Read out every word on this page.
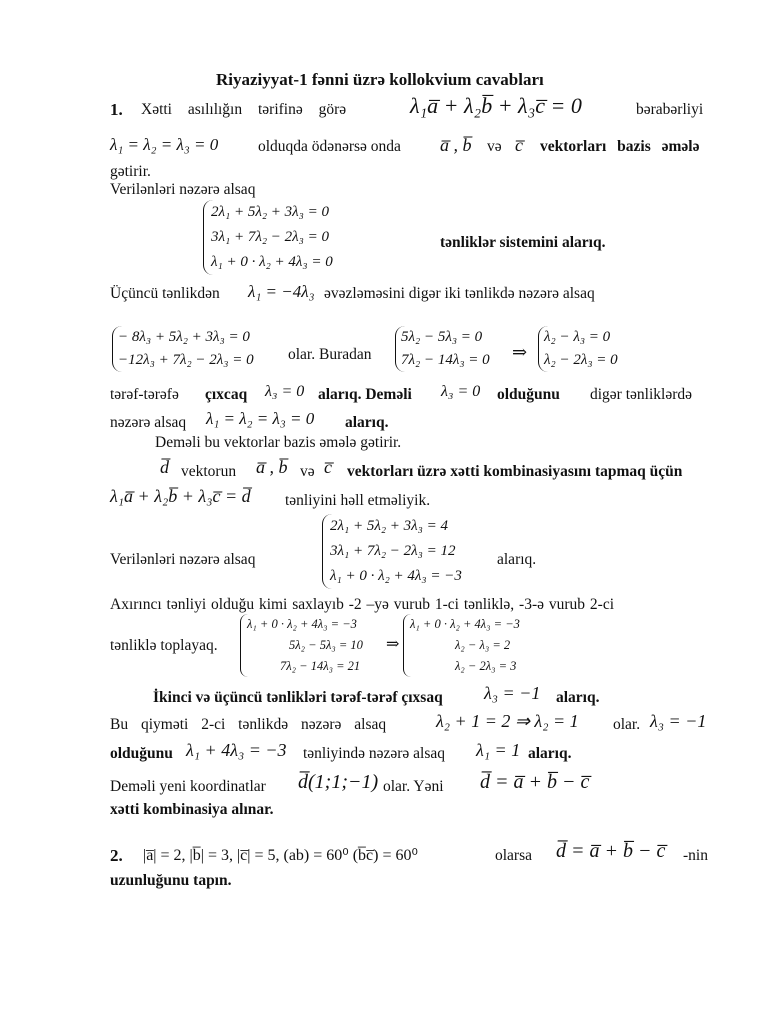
Riyaziyyat-1 fənni üzrə kollokvium cavabları
1. Xətti asılılığın tərifinə görə	λ₁a̅ + λ₂b̅ + λ₃c̅ = 0	bərabərliyi
λ₁ = λ₂ = λ₃ = 0	olduqda ödənərsə onda a̅ , b̅ və c̅ vektorları bazis əmələ
gətirir.
Verilənləri nəzərə alsaq
2λ₁ + 5λ₂ + 3λ₃ = 0
3λ₁ + 7λ₂ − 2λ₃ = 0
λ₁ + 0 · λ₂ + 4λ₃ = 0
tənliklər sistemini alarıq.
Üçüncü tənlikdən λ₁ = −4λ₃ əvəzləməsini digər iki tənlikdə nəzərə alsaq
− 8λ₃ + 5λ₂ + 3λ₃ = 0
−12λ₃ + 7λ₂ − 2λ₃ = 0 olar. Buradan
5λ₂ − 5λ₃ = 0
7λ₂ − 14λ₃ = 0 ⇒
λ₂ − λ₃ = 0
λ₂ − 2λ₃ = 0
tərəf-tərəfə çıxcaq λ₃ = 0 alarıq. Deməli λ₃ = 0 olduğunu digər tənliklərdə
nəzərə alsaq λ₁ = λ₂ = λ₃ = 0 alarıq.
Deməli bu vektorlar bazis əmələ gətirir.
d̅ vektorun a̅ , b̅ və c̅ vektorları üzrə xətti kombinasiyasını tapmaq üçün
λ₁a̅ + λ₂b̅ + λ₃c̅ = d̅ tənliyini həll etməliyik.
Verilənləri nəzərə alsaq
2λ₁ + 5λ₂ + 3λ₃ = 4
3λ₁ + 7λ₂ − 2λ₃ = 12
λ₁ + 0 · λ₂ + 4λ₃ = −3
alarıq.
Axırıncı tənliyi olduğu kimi saxlayıb -2 –yə vurub 1-ci tənliklə, -3-ə vurub 2-ci
tənliklə toplayaq.
λ₁ + 0 · λ₂ + 4λ₃ = −3
5λ₂ − 5λ₃ = 10
7λ₂ − 14λ₃ = 21
⇒
λ₁ + 0 · λ₂ + 4λ₃ = −3
λ₂ − λ₃ = 2
λ₂ − 2λ₃ = 3
İkinci və üçüncü tənlikləri tərəf-tərəf çıxsaq λ₃ = −1 alarıq.
Bu qiyməti 2-ci tənlikdə nəzərə alsaq	λ₂ + 1 = 2 ⇒ λ₂ = 1 olar. λ₃ = −1
olduğunu λ₁ + 4λ₃ = −3 tənliyində nəzərə alsaq λ₁ = 1 alarıq.
Deməli yeni koordinatlar d̅(1;1;−1) olar. Yəni d̅ = a̅ + b̅ − c̅
xətti kombinasiya alınar.
2. |a̅| = 2, |b̅| = 3, |c̅| = 5, (ab) = 60⁰ (b̅c̅) = 60⁰	olarsa d̅ = a̅ + b̅ − c̅ -nin
uzunluğunu tapın.
